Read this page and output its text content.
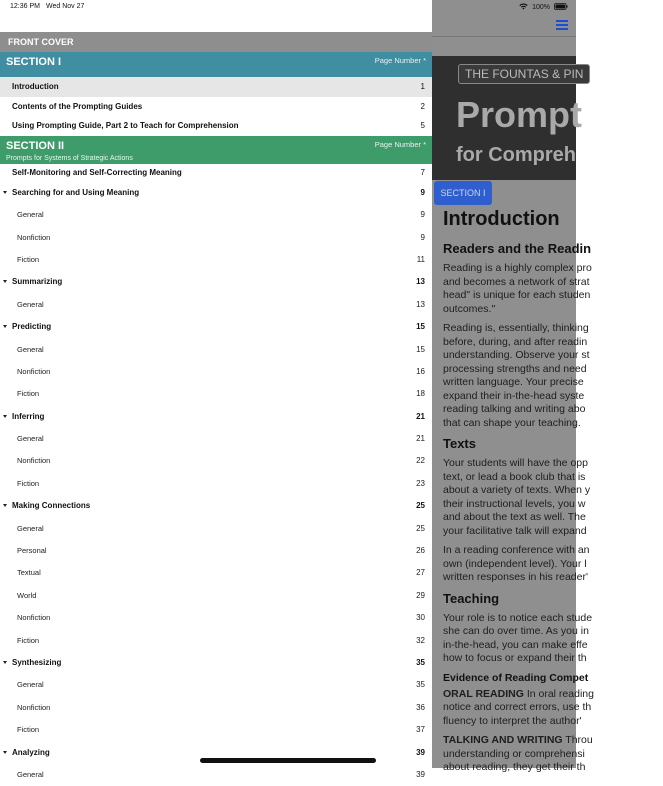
100%
THE FOUNTAS & PIN
Prompt
for Compreh
SECTION I
Introduction
Readers and the Readin

Reading is a highly complex pro
and becomes a network of strat
head" is unique for each studen
outcomes."

Reading is, essentially, thinking
before, during, and after readin
understanding. Observe your st
processing strengths and need
written language. Your precise
expand their in-the-head syste
reading talking and writing abo
that can shape your teaching.

Texts

Your students will have the opp
text, or lead a book club that is
about a variety of texts. When y
their instructional levels, you w
and about the text as well. The
your facilitative talk will expand

In a reading conference with an
own (independent level). Your l
written responses in his reader'

Teaching

Your role is to notice each stude
she can do over time. As you in
in-the-head, you can make effe
how to focus or expand their th

Evidence of Reading Compet

ORAL READING In oral reading
notice and correct errors, use th
fluency to interpret the author'

TALKING AND WRITING Throu
understanding or comprehensi
about reading, they get their th

12:36 PM Wed Nov 27
FRONT COVER
SECTION I	Page Number *
Introduction	1
Contents of the Prompting Guides	2
Using Prompting Guide, Part 2 to Teach for Comprehension	5
SECTION II	Page Number *
Prompts for Systems of Strategic Actions
Self-Monitoring and Self-Correcting Meaning	7
Searching for and Using Meaning	9
General	9
Nonfiction	9
Fiction	11
Summarizing	13
General	13
Predicting	15
General	15
Nonfiction	16
Fiction	18
Inferring	21
General	21
Nonfiction	22
Fiction	23
Making Connections	25
General	25
Personal	26
Textual	27
World	29
Nonfiction	30
Fiction	32
Synthesizing	35
General	35
Nonfiction	36
Fiction	37
Analyzing	39
General	39
